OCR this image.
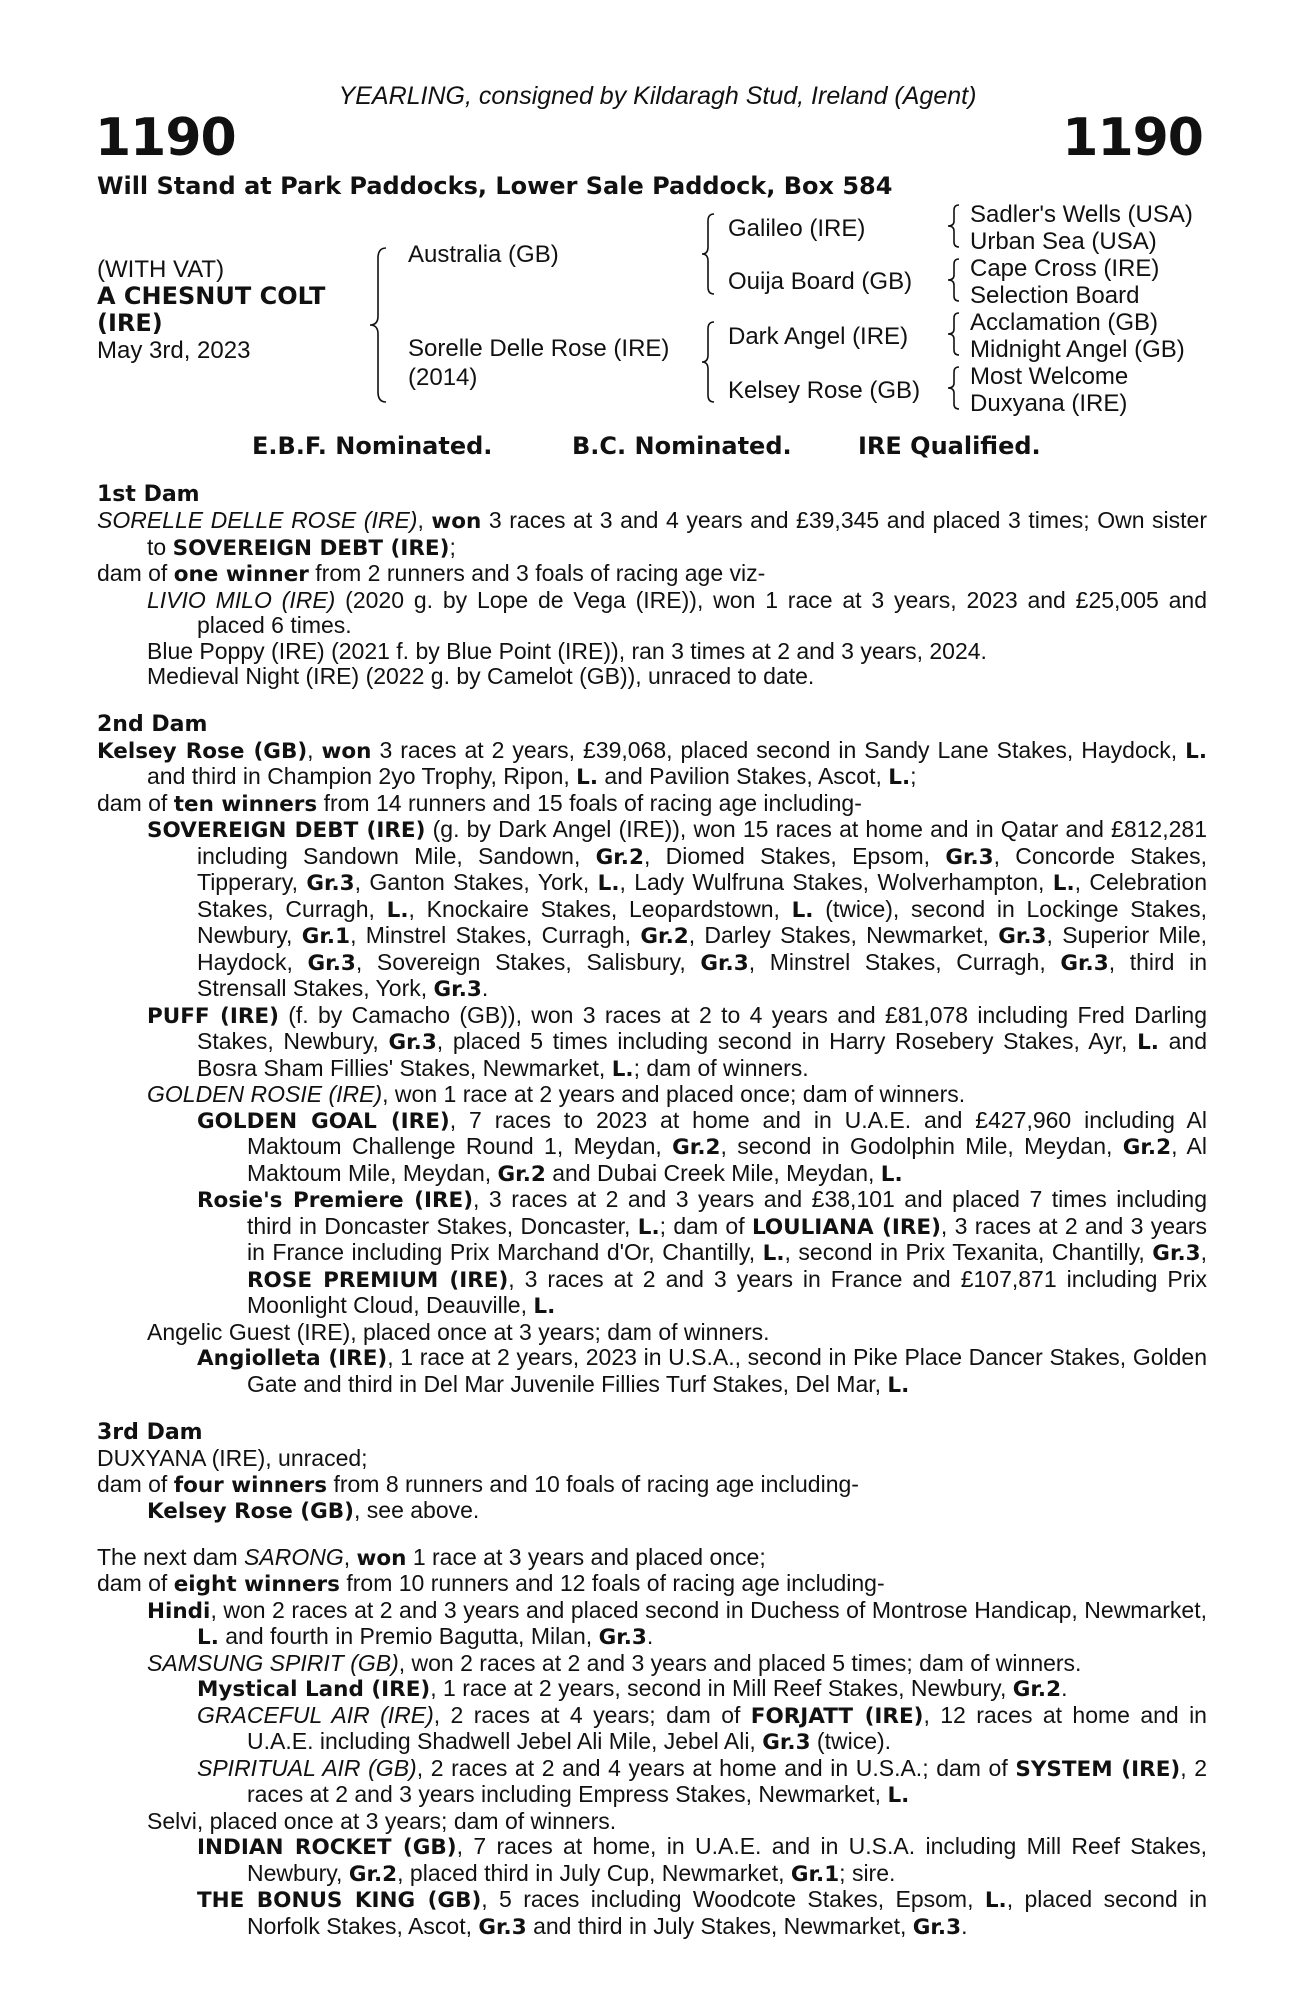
YEARLING, consigned by Kildaragh Stud, Ireland (Agent)
1190	1190
Will Stand at Park Paddocks, Lower Sale Paddock, Box 584
(WITH VAT)
A CHESNUT COLT
(IRE)
May 3rd, 2023
Australia (GB)
Sorelle Delle Rose (IRE)
(2014)
Galileo (IRE)
Ouija Board (GB)
Dark Angel (IRE)
Kelsey Rose (GB)
Sadler's Wells (USA)
Urban Sea (USA)
Cape Cross (IRE)
Selection Board
Acclamation (GB)
Midnight Angel (GB)
Most Welcome
Duxyana (IRE)
E.B.F. Nominated.	B.C. Nominated.	IRE Qualified.
1st Dam
SORELLE DELLE ROSE (IRE), won 3 races at 3 and 4 years and £39,345 and placed 3 times; Own sister to SOVEREIGN DEBT (IRE);
dam of one winner from 2 runners and 3 foals of racing age viz-
LIVIO MILO (IRE) (2020 g. by Lope de Vega (IRE)), won 1 race at 3 years, 2023 and £25,005 and placed 6 times.
Blue Poppy (IRE) (2021 f. by Blue Point (IRE)), ran 3 times at 2 and 3 years, 2024.
Medieval Night (IRE) (2022 g. by Camelot (GB)), unraced to date.
2nd Dam
Kelsey Rose (GB), won 3 races at 2 years, £39,068, placed second in Sandy Lane Stakes, Haydock, L. and third in Champion 2yo Trophy, Ripon, L. and Pavilion Stakes, Ascot, L.;
dam of ten winners from 14 runners and 15 foals of racing age including-
SOVEREIGN DEBT (IRE) (g. by Dark Angel (IRE)), won 15 races at home and in Qatar and £812,281 including Sandown Mile, Sandown, Gr.2, Diomed Stakes, Epsom, Gr.3, Concorde Stakes, Tipperary, Gr.3, Ganton Stakes, York, L., Lady Wulfruna Stakes, Wolverhampton, L., Celebration Stakes, Curragh, L., Knockaire Stakes, Leopardstown, L. (twice), second in Lockinge Stakes, Newbury, Gr.1, Minstrel Stakes, Curragh, Gr.2, Darley Stakes, Newmarket, Gr.3, Superior Mile, Haydock, Gr.3, Sovereign Stakes, Salisbury, Gr.3, Minstrel Stakes, Curragh, Gr.3, third in Strensall Stakes, York, Gr.3.
PUFF (IRE) (f. by Camacho (GB)), won 3 races at 2 to 4 years and £81,078 including Fred Darling Stakes, Newbury, Gr.3, placed 5 times including second in Harry Rosebery Stakes, Ayr, L. and Bosra Sham Fillies' Stakes, Newmarket, L.; dam of winners.
GOLDEN ROSIE (IRE), won 1 race at 2 years and placed once; dam of winners.
GOLDEN GOAL (IRE), 7 races to 2023 at home and in U.A.E. and £427,960 including Al Maktoum Challenge Round 1, Meydan, Gr.2, second in Godolphin Mile, Meydan, Gr.2, Al Maktoum Mile, Meydan, Gr.2 and Dubai Creek Mile, Meydan, L.
Rosie's Premiere (IRE), 3 races at 2 and 3 years and £38,101 and placed 7 times including third in Doncaster Stakes, Doncaster, L.; dam of LOULIANA (IRE), 3 races at 2 and 3 years in France including Prix Marchand d'Or, Chantilly, L., second in Prix Texanita, Chantilly, Gr.3, ROSE PREMIUM (IRE), 3 races at 2 and 3 years in France and £107,871 including Prix Moonlight Cloud, Deauville, L.
Angelic Guest (IRE), placed once at 3 years; dam of winners.
Angiolleta (IRE), 1 race at 2 years, 2023 in U.S.A., second in Pike Place Dancer Stakes, Golden Gate and third in Del Mar Juvenile Fillies Turf Stakes, Del Mar, L.
3rd Dam
DUXYANA (IRE), unraced;
dam of four winners from 8 runners and 10 foals of racing age including-
Kelsey Rose (GB), see above.
The next dam SARONG, won 1 race at 3 years and placed once;
dam of eight winners from 10 runners and 12 foals of racing age including-
Hindi, won 2 races at 2 and 3 years and placed second in Duchess of Montrose Handicap, Newmarket, L. and fourth in Premio Bagutta, Milan, Gr.3.
SAMSUNG SPIRIT (GB), won 2 races at 2 and 3 years and placed 5 times; dam of winners.
Mystical Land (IRE), 1 race at 2 years, second in Mill Reef Stakes, Newbury, Gr.2.
GRACEFUL AIR (IRE), 2 races at 4 years; dam of FORJATT (IRE), 12 races at home and in U.A.E. including Shadwell Jebel Ali Mile, Jebel Ali, Gr.3 (twice).
SPIRITUAL AIR (GB), 2 races at 2 and 4 years at home and in U.S.A.; dam of SYSTEM (IRE), 2 races at 2 and 3 years including Empress Stakes, Newmarket, L.
Selvi, placed once at 3 years; dam of winners.
INDIAN ROCKET (GB), 7 races at home, in U.A.E. and in U.S.A. including Mill Reef Stakes, Newbury, Gr.2, placed third in July Cup, Newmarket, Gr.1; sire.
THE BONUS KING (GB), 5 races including Woodcote Stakes, Epsom, L., placed second in Norfolk Stakes, Ascot, Gr.3 and third in July Stakes, Newmarket, Gr.3.
